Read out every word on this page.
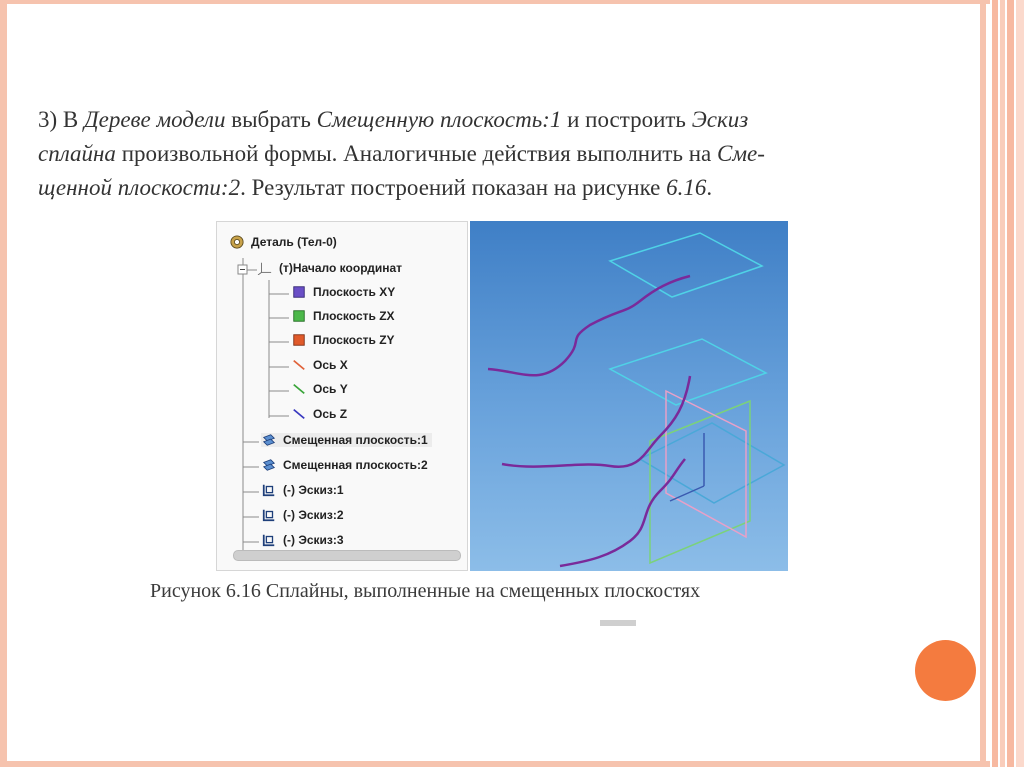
3) В Дереве модели выбрать Смещенную плоскость:1 и построить Эскиз
сплайна произвольной формы. Аналогичные действия выполнить на Сме-
щенной плоскости:2. Результат построений показан на рисунке 6.16.
Деталь (Тел-0)
(т)Начало координат
Плоскость XY
Плоскость ZX
Плоскость ZY
Ось X
Ось Y
Ось Z
Смещенная плоскость:1
Смещенная плоскость:2
(-) Эскиз:1
(-) Эскиз:2
(-) Эскиз:3
Рисунок 6.16 Сплайны, выполненные на смещенных плоскостях
